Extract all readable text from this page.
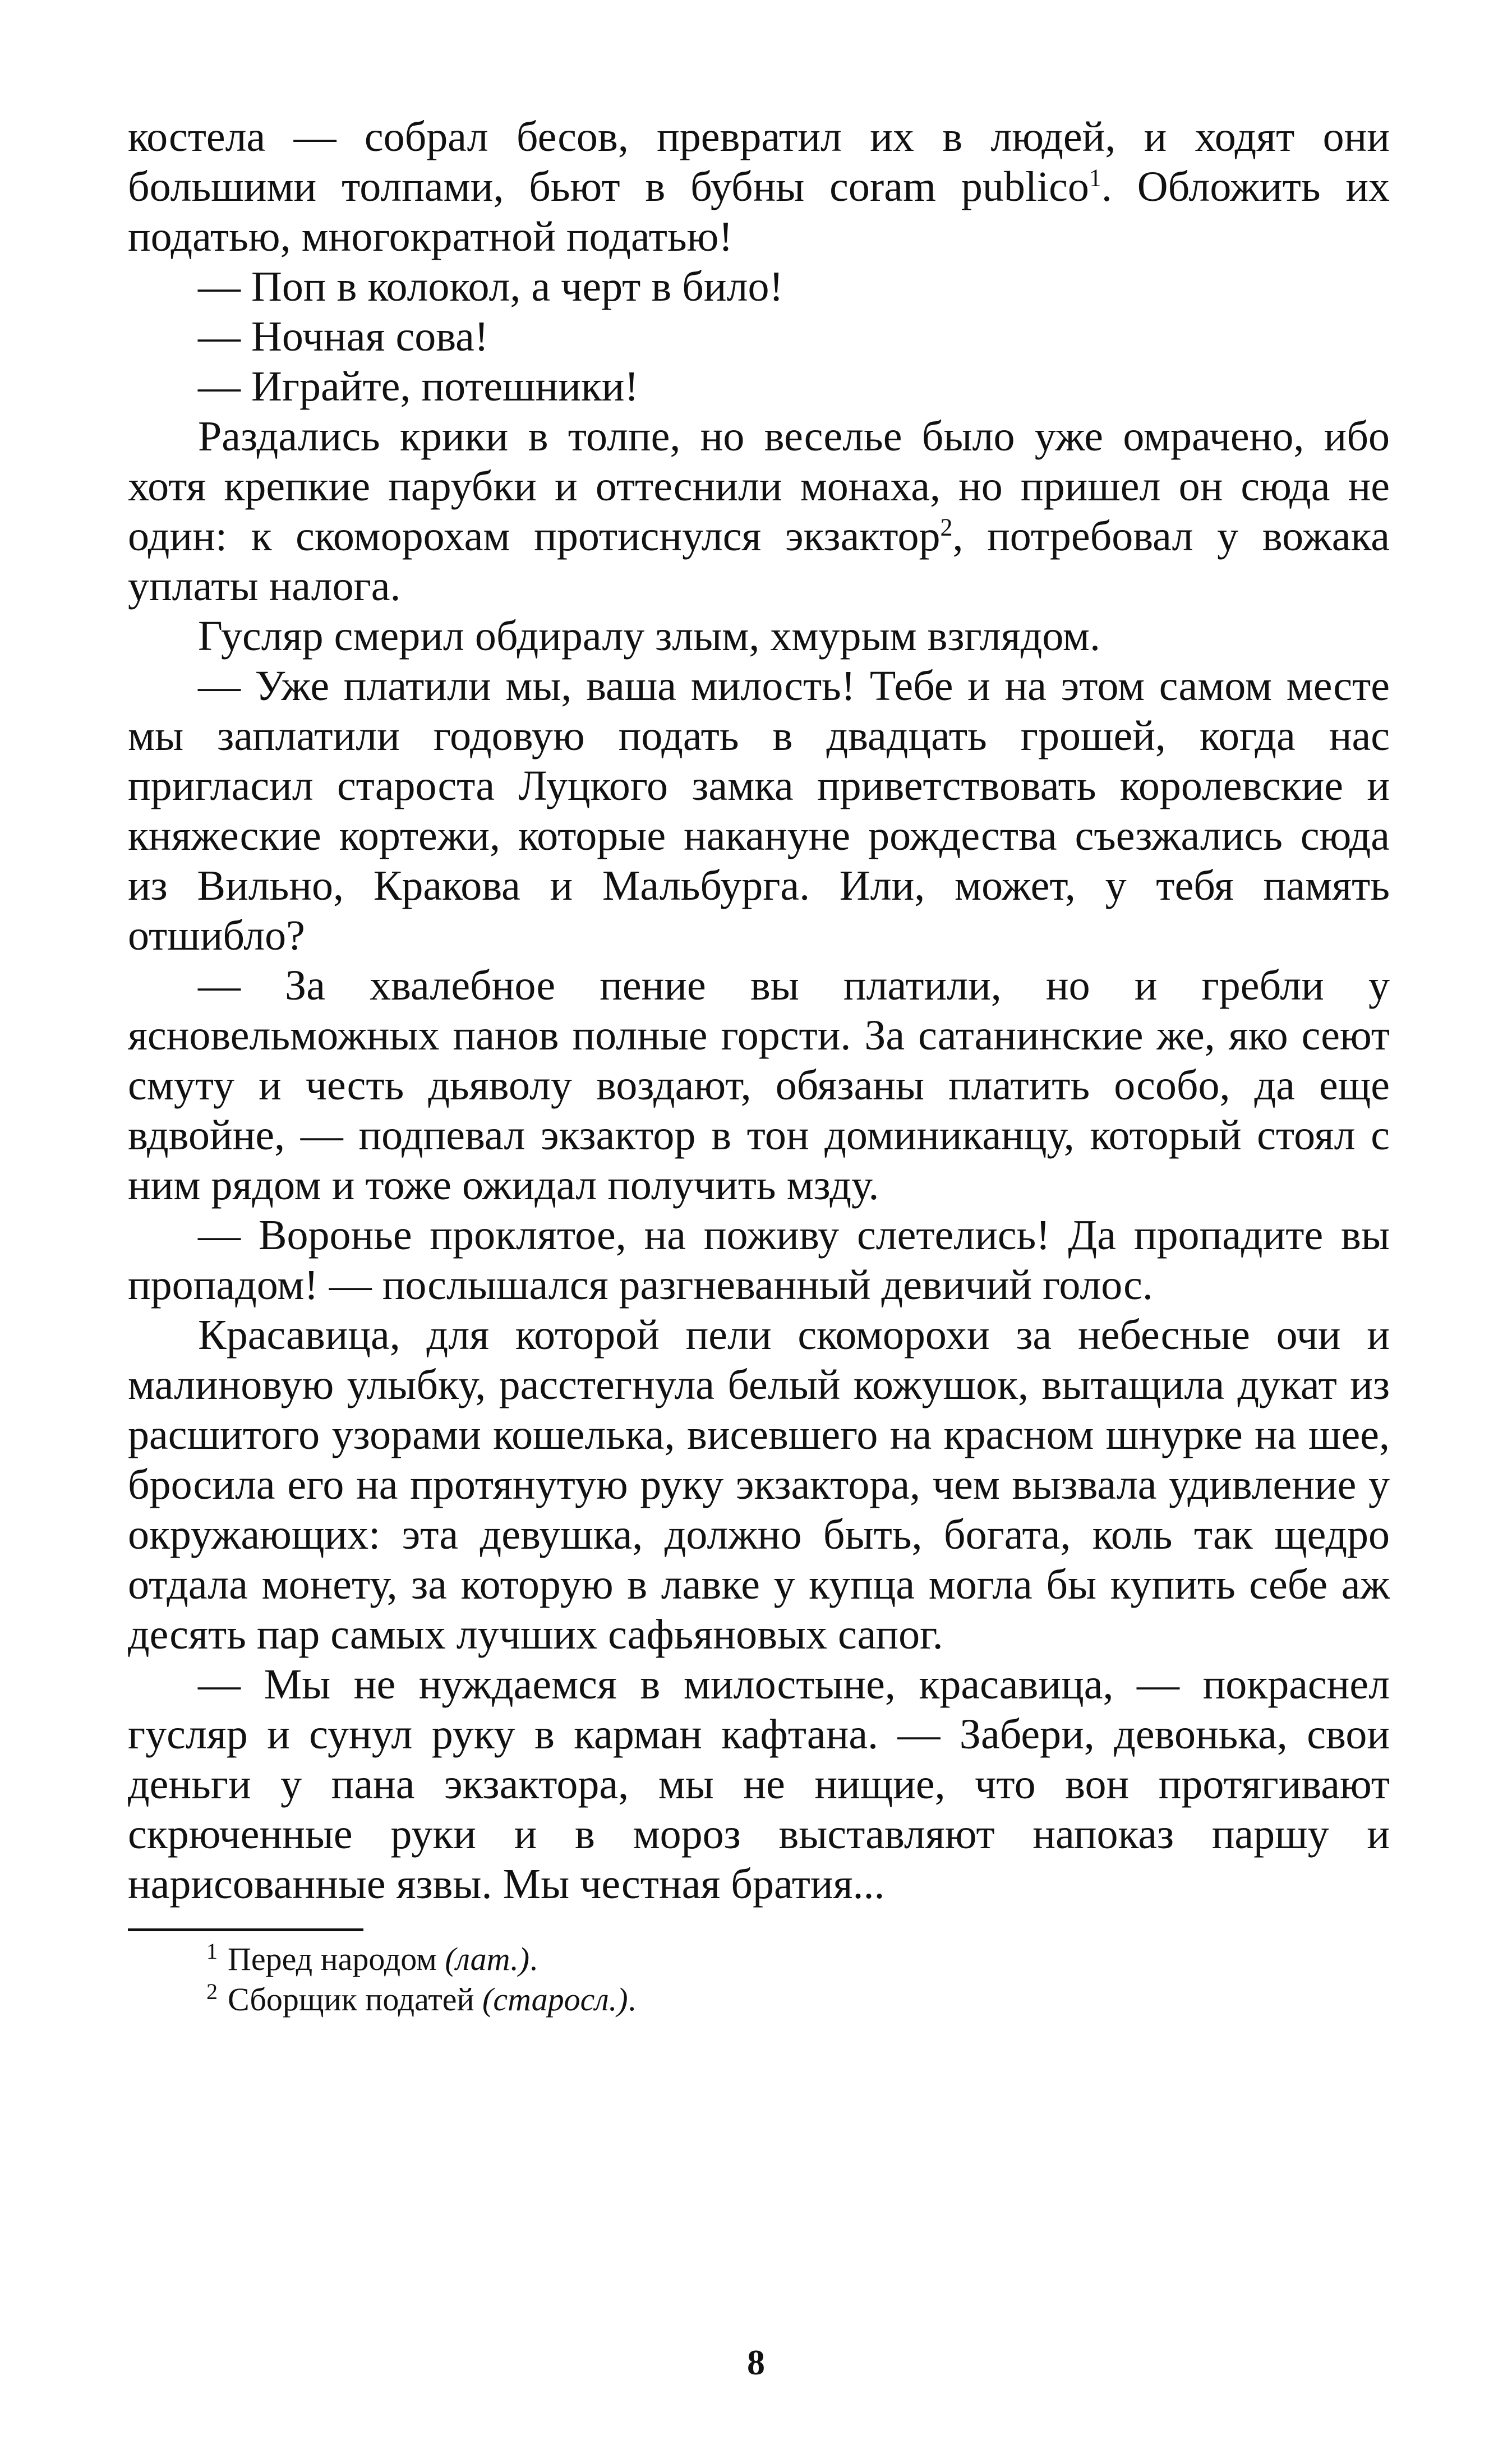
костела — собрал бесов, превратил их в людей, и ходят они большими толпами, бьют в бубны coram publico$^1$. Обложить их податью, многократной податью!

— Поп в колокол, а черт в било!

— Ночная сова!

— Играйте, потешники!

Раздались крики в толпе, но веселье было уже омрачено, ибо хотя крепкие парубки и оттеснили монаха, но пришел он сюда не один: к скоморохам протиснулся экзактор$^2$, потребовал у вожака уплаты налога.

Гусляр смерил обдиралу злым, хмурым взглядом.

— Уже платили мы, ваша милость! Тебе и на этом самом месте мы заплатили годовую подать в двадцать грошей, когда нас пригласил староста Луцкого замка приветствовать королевские и княжеские кортежи, которые накануне рождества съезжались сюда из Вильно, Кракова и Мальбурга. Или, может, у тебя память отшибло?

— За хвалебное пение вы платили, но и гребли у ясновельможных панов полные горсти. За сатанинские же, яко сеют смуту и честь дьяволу воздают, обязаны платить особо, да еще вдвойне, — подпевал экзактор в тон доминиканцу, который стоял с ним рядом и тоже ожидал получить мзду.

— Воронье проклятое, на поживу слетелись! Да пропадите вы пропадом! — послышался разгневанный девичий голос.

Красавица, для которой пели скоморохи за небесные очи и малиновую улыбку, расстегнула белый кожушок, вытащила дукат из расшитого узорами кошелька, висевшего на красном шнурке на шее, бросила его на протянутую руку экзактора, чем вызвала удивление у окружающих: эта девушка, должно быть, богата, коль так щедро отдала монету, за которую в лавке у купца могла бы купить себе аж десять пар самых лучших сафьяновых сапог.

— Мы не нуждаемся в милостыне, красавица, — покраснел гусляр и сунул руку в карман кафтана. — Забери, девонька, свои деньги у пана экзактора, мы не нищие, что вон протягивают скрюченные руки и в мороз выставляют напоказ паршу и нарисованные язвы. Мы честная братия...

$^1$ Перед народом (лат.).

$^2$ Сборщик податей (старосл.).

8
